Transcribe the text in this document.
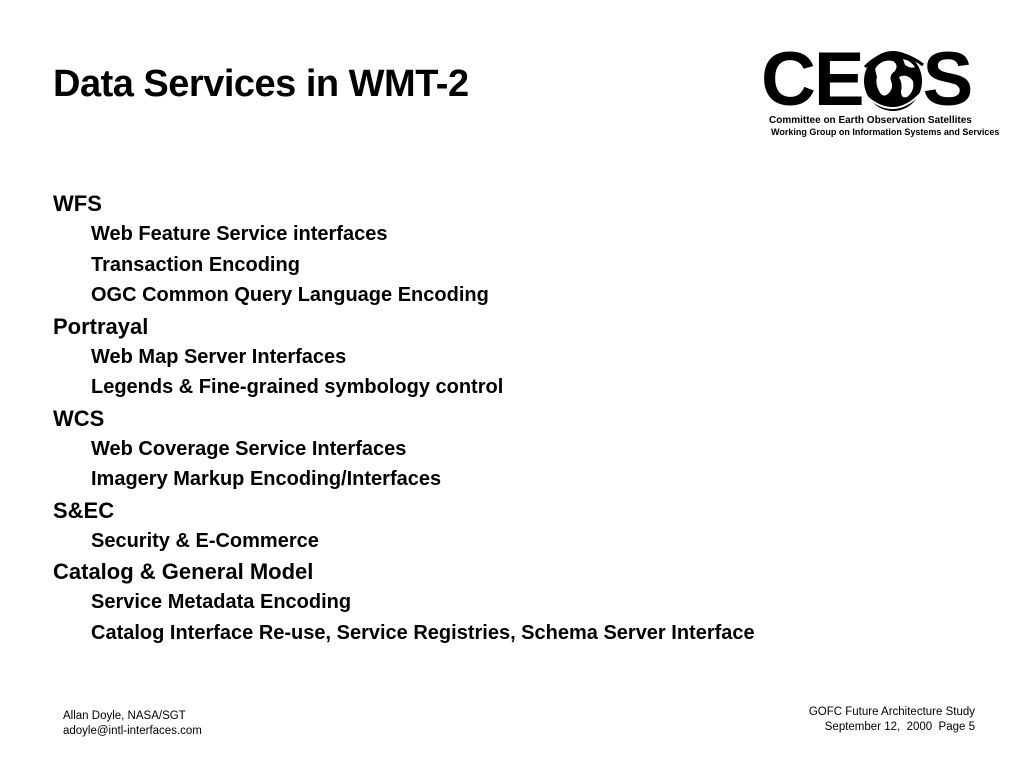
Data Services in WMT-2	C E S
Committee on Earth Observation Satellites
Working Group on Information Systems and Services
WFS
Web Feature Service interfaces
Transaction Encoding
OGC Common Query Language Encoding
Portrayal
Web Map Server Interfaces
Legends & Fine-grained symbology control
WCS
Web Coverage Service Interfaces
Imagery Markup Encoding/Interfaces
S&EC
Security & E-Commerce
Catalog & General Model
Service Metadata Encoding
Catalog Interface Re-use, Service Registries, Schema Server Interface
Allan Doyle, NASA/SGT
adoyle@intl-interfaces.com
GOFC Future Architecture Study
September 12,  2000  Page 5
